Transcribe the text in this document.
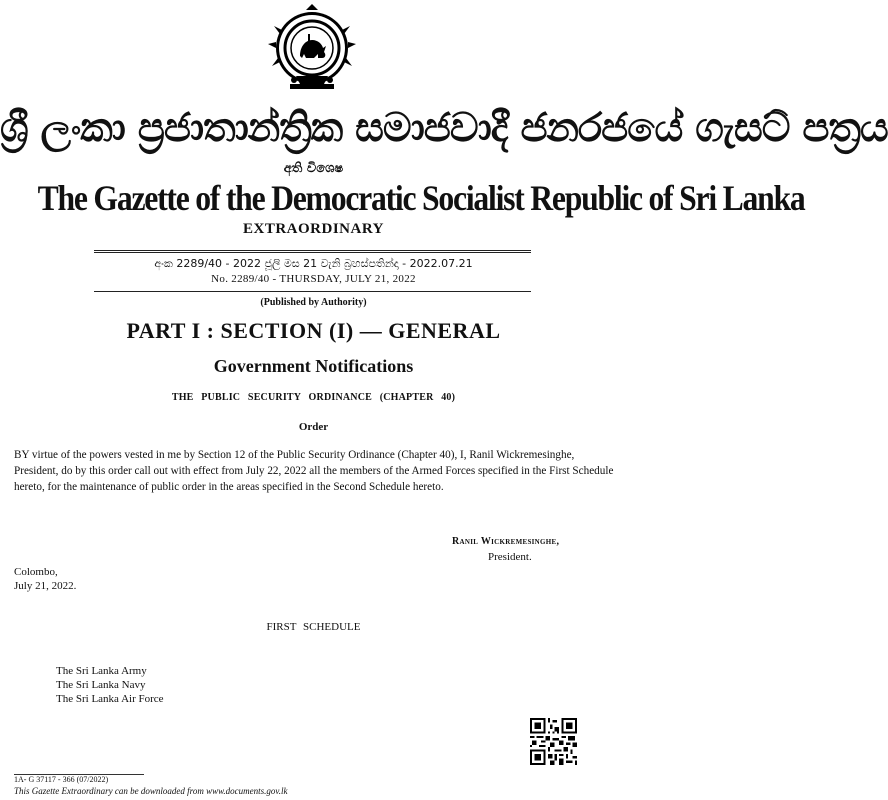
ශ්‍රී ලංකා ප්‍රජාතාන්ත්‍රික සමාජවාදී ජනරජයේ ගැසට් පත්‍රය
අති විශෙෂ
The Gazette of the Democratic Socialist Republic of Sri Lanka
EXTRAORDINARY
අංක 2289/40 - 2022 ජූලි මස 21 වැනි බ්‍රහස්පතින්දා - 2022.07.21
No. 2289/40 - THURSDAY, JULY 21, 2022
(Published by Authority)
PART I : SECTION (I) — GENERAL
Government Notifications
THE PUBLIC SECURITY ORDINANCE (CHAPTER 40)
Order
BY virtue of the powers vested in me by Section 12 of the Public Security Ordinance (Chapter 40), I, Ranil Wickremesinghe, President, do by this order call out with effect from July 22, 2022 all the members of the Armed Forces specified in the First Schedule hereto, for the maintenance of public order in the areas specified in the Second Schedule hereto.
Ranil Wickremesinghe,
President.
Colombo,
July 21, 2022.
FIRST SCHEDULE
The Sri Lanka Army
The Sri Lanka Navy
The Sri Lanka Air Force
1A- G 37117 - 366 (07/2022)
This Gazette Extraordinary can be downloaded from www.documents.gov.lk
